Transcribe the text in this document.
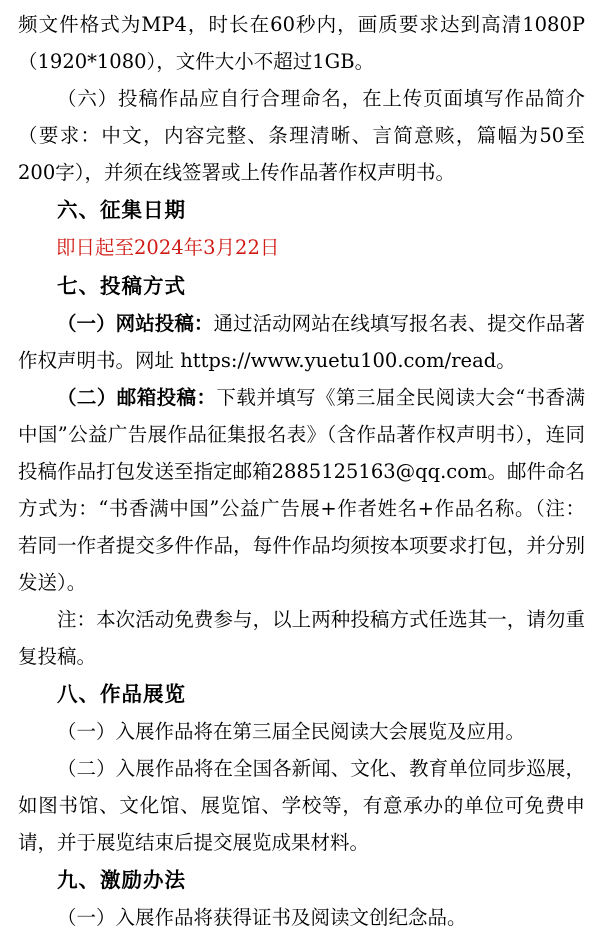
频文件格式为MP4，时长在60秒内，画质要求达到高清1080P（1920*1080），文件大小不超过1GB。

（六）投稿作品应自行合理命名，在上传页面填写作品简介（要求：中文，内容完整、条理清晰、言简意赅，篇幅为50至200字），并须在线签署或上传作品著作权声明书。

六、征集日期

即日起至2024年3月22日

七、投稿方式

（一）网站投稿：通过活动网站在线填写报名表、提交作品著作权声明书。网址 https://www.yuetu100.com/read。

（二）邮箱投稿：下载并填写《第三届全民阅读大会“书香满中国”公益广告展作品征集报名表》（含作品著作权声明书），连同投稿作品打包发送至指定邮箱2885125163@qq.com。邮件命名方式为：“书香满中国”公益广告展+作者姓名+作品名称。（注：若同一作者提交多件作品，每件作品均须按本项要求打包，并分别发送）。

注：本次活动免费参与，以上两种投稿方式任选其一，请勿重复投稿。

八、作品展览

（一）入展作品将在第三届全民阅读大会展览及应用。

（二）入展作品将在全国各新闻、文化、教育单位同步巡展，如图书馆、文化馆、展览馆、学校等，有意承办的单位可免费申请，并于展览结束后提交展览成果材料。

九、激励办法

（一）入展作品将获得证书及阅读文创纪念品。
